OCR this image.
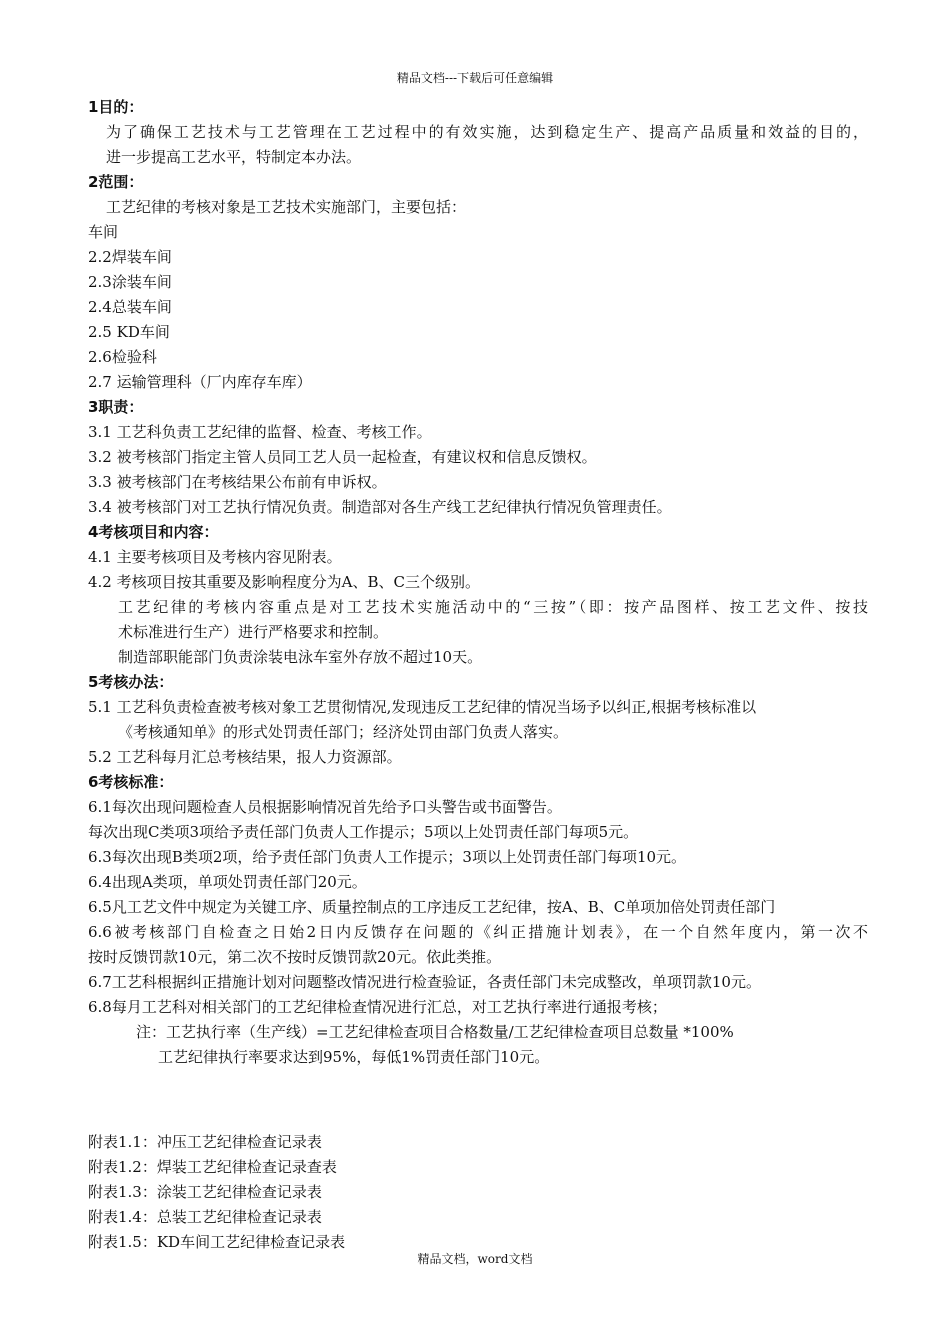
精品文档---下载后可任意编辑
1目的：
为了确保工艺技术与工艺管理在工艺过程中的有效实施，达到稳定生产、提高产品质量和效益的目的，
进一步提高工艺水平，特制定本办法。
2范围：
工艺纪律的考核对象是工艺技术实施部门，主要包括：
车间
2.2焊装车间
2.3涂装车间
2.4总装车间
2.5 KD车间
2.6检验科
2.7 运输管理科（厂内库存车库）
3职责：
3.1 工艺科负责工艺纪律的监督、检查、考核工作。
3.2 被考核部门指定主管人员同工艺人员一起检查，有建议权和信息反馈权。
3.3 被考核部门在考核结果公布前有申诉权。
3.4 被考核部门对工艺执行情况负责。制造部对各生产线工艺纪律执行情况负管理责任。
4考核项目和内容：
4.1 主要考核项目及考核内容见附表。
4.2 考核项目按其重要及影响程度分为A、B、C三个级别。
工艺纪律的考核内容重点是对工艺技术实施活动中的“三按”（即：按产品图样、按工艺文件、按技
术标准进行生产）进行严格要求和控制。
制造部职能部门负责涂装电泳车室外存放不超过10天。
5考核办法：
5.1 工艺科负责检查被考核对象工艺贯彻情况,发现违反工艺纪律的情况当场予以纠正,根据考核标准以
《考核通知单》的形式处罚责任部门；经济处罚由部门负责人落实。
5.2 工艺科每月汇总考核结果，报人力资源部。
6考核标准：
6.1每次出现问题检查人员根据影响情况首先给予口头警告或书面警告。
每次出现C类项3项给予责任部门负责人工作提示；5项以上处罚责任部门每项5元。
6.3每次出现B类项2项，给予责任部门负责人工作提示；3项以上处罚责任部门每项10元。
6.4出现A类项，单项处罚责任部门20元。
6.5凡工艺文件中规定为关键工序、质量控制点的工序违反工艺纪律，按A、B、C单项加倍处罚责任部门
6.6被考核部门自检查之日始2日内反馈存在问题的《纠正措施计划表》，在一个自然年度内，第一次不
按时反馈罚款10元，第二次不按时反馈罚款20元。依此类推。
6.7工艺科根据纠正措施计划对问题整改情况进行检查验证，各责任部门未完成整改，单项罚款10元。
6.8每月工艺科对相关部门的工艺纪律检查情况进行汇总，对工艺执行率进行通报考核；
注：工艺执行率（生产线）=工艺纪律检查项目合格数量/工艺纪律检查项目总数量 *100%
工艺纪律执行率要求达到95%，每低1%罚责任部门10元。
附表1.1：冲压工艺纪律检查记录表
附表1.2：焊装工艺纪律检查记录查表
附表1.3：涂装工艺纪律检查记录表
附表1.4：总装工艺纪律检查记录表
附表1.5：KD车间工艺纪律检查记录表
精品文档，word文档
